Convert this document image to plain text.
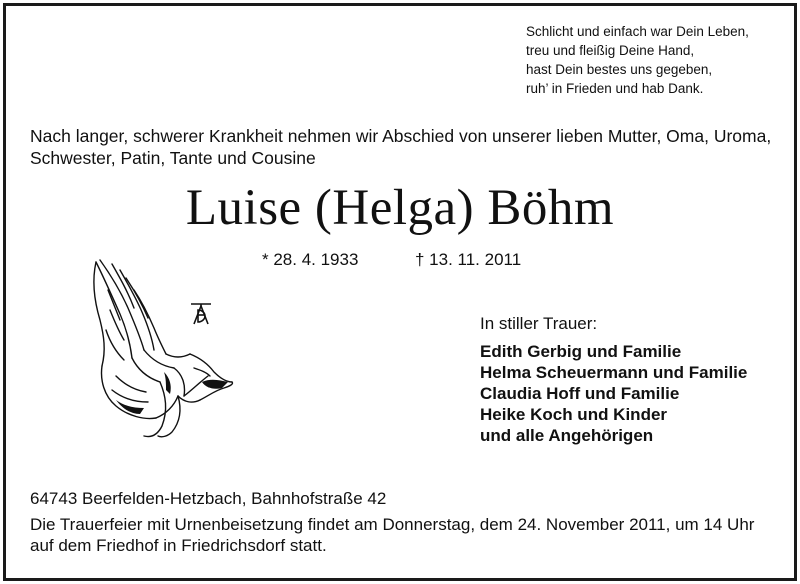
Schlicht und einfach war Dein Leben,
treu und fleißig Deine Hand,
hast Dein bestes uns gegeben,
ruh’ in Frieden und hab Dank.
Nach langer, schwerer Krankheit nehmen wir Abschied von unserer lieben Mutter, Oma, Uroma, Schwester, Patin, Tante und Cousine
Luise (Helga) Böhm
* 28. 4. 1933	† 13. 11. 2011
In stiller Trauer:
Edith Gerbig und Familie
Helma Scheuermann und Familie
Claudia Hoff und Familie
Heike Koch und Kinder
und alle Angehörigen
64743 Beerfelden-Hetzbach, Bahnhofstraße 42
Die Trauerfeier mit Urnenbeisetzung findet am Donnerstag, dem 24. November 2011, um 14 Uhr auf dem Friedhof in Friedrichsdorf statt.
